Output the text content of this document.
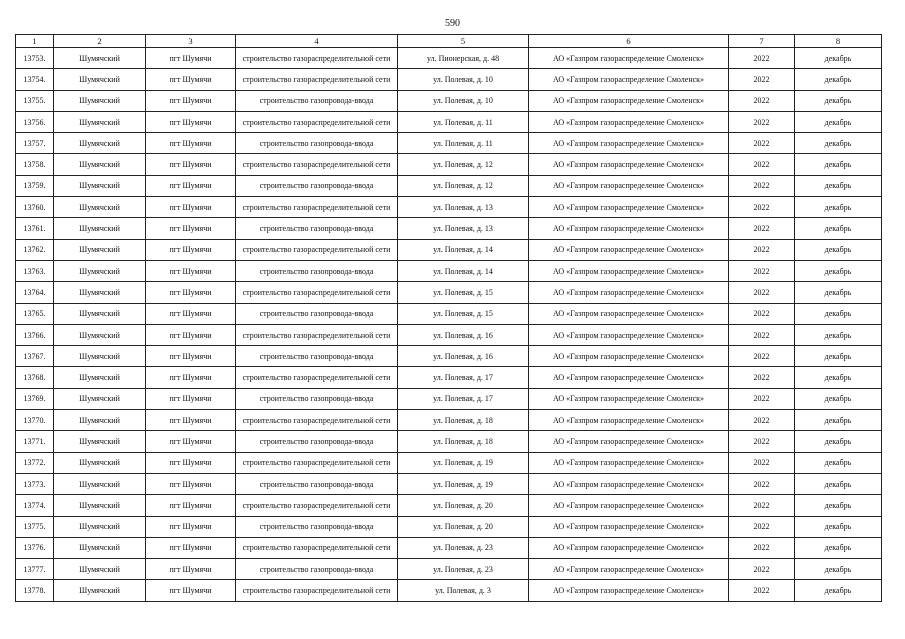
590
1	2	3	4	5	6	7	8
13753.	Шумячский	пгт Шумячи	строительство газораспределительной сети	ул. Пионерская, д. 48	АО «Газпром газораспределение Смоленск»	2022	декабрь
13754.	Шумячский	пгт Шумячи	строительство газораспределительной сети	ул. Полевая, д. 10	АО «Газпром газораспределение Смоленск»	2022	декабрь
13755.	Шумячский	пгт Шумячи	строительство газопровода-ввода	ул. Полевая, д. 10	АО «Газпром газораспределение Смоленск»	2022	декабрь
13756.	Шумячский	пгт Шумячи	строительство газораспределительной сети	ул. Полевая, д. 11	АО «Газпром газораспределение Смоленск»	2022	декабрь
13757.	Шумячский	пгт Шумячи	строительство газопровода-ввода	ул. Полевая, д. 11	АО «Газпром газораспределение Смоленск»	2022	декабрь
13758.	Шумячский	пгт Шумячи	строительство газораспределительной сети	ул. Полевая, д. 12	АО «Газпром газораспределение Смоленск»	2022	декабрь
13759.	Шумячский	пгт Шумячи	строительство газопровода-ввода	ул. Полевая, д. 12	АО «Газпром газораспределение Смоленск»	2022	декабрь
13760.	Шумячский	пгт Шумячи	строительство газораспределительной сети	ул. Полевая, д. 13	АО «Газпром газораспределение Смоленск»	2022	декабрь
13761.	Шумячский	пгт Шумячи	строительство газопровода-ввода	ул. Полевая, д. 13	АО «Газпром газораспределение Смоленск»	2022	декабрь
13762.	Шумячский	пгт Шумячи	строительство газораспределительной сети	ул. Полевая, д. 14	АО «Газпром газораспределение Смоленск»	2022	декабрь
13763.	Шумячский	пгт Шумячи	строительство газопровода-ввода	ул. Полевая, д. 14	АО «Газпром газораспределение Смоленск»	2022	декабрь
13764.	Шумячский	пгт Шумячи	строительство газораспределительной сети	ул. Полевая, д. 15	АО «Газпром газораспределение Смоленск»	2022	декабрь
13765.	Шумячский	пгт Шумячи	строительство газопровода-ввода	ул. Полевая, д. 15	АО «Газпром газораспределение Смоленск»	2022	декабрь
13766.	Шумячский	пгт Шумячи	строительство газораспределительной сети	ул. Полевая, д. 16	АО «Газпром газораспределение Смоленск»	2022	декабрь
13767.	Шумячский	пгт Шумячи	строительство газопровода-ввода	ул. Полевая, д. 16	АО «Газпром газораспределение Смоленск»	2022	декабрь
13768.	Шумячский	пгт Шумячи	строительство газораспределительной сети	ул. Полевая, д. 17	АО «Газпром газораспределение Смоленск»	2022	декабрь
13769.	Шумячский	пгт Шумячи	строительство газопровода-ввода	ул. Полевая, д. 17	АО «Газпром газораспределение Смоленск»	2022	декабрь
13770.	Шумячский	пгт Шумячи	строительство газораспределительной сети	ул. Полевая, д. 18	АО «Газпром газораспределение Смоленск»	2022	декабрь
13771.	Шумячский	пгт Шумячи	строительство газопровода-ввода	ул. Полевая, д. 18	АО «Газпром газораспределение Смоленск»	2022	декабрь
13772.	Шумячский	пгт Шумячи	строительство газораспределительной сети	ул. Полевая, д. 19	АО «Газпром газораспределение Смоленск»	2022	декабрь
13773.	Шумячский	пгт Шумячи	строительство газопровода-ввода	ул. Полевая, д. 19	АО «Газпром газораспределение Смоленск»	2022	декабрь
13774.	Шумячский	пгт Шумячи	строительство газораспределительной сети	ул. Полевая, д. 20	АО «Газпром газораспределение Смоленск»	2022	декабрь
13775.	Шумячский	пгт Шумячи	строительство газопровода-ввода	ул. Полевая, д. 20	АО «Газпром газораспределение Смоленск»	2022	декабрь
13776.	Шумячский	пгт Шумячи	строительство газораспределительной сети	ул. Полевая, д. 23	АО «Газпром газораспределение Смоленск»	2022	декабрь
13777.	Шумячский	пгт Шумячи	строительство газопровода-ввода	ул. Полевая, д. 23	АО «Газпром газораспределение Смоленск»	2022	декабрь
13778.	Шумячский	пгт Шумячи	строительство газораспределительной сети	ул. Полевая, д. 3	АО «Газпром газораспределение Смоленск»	2022	декабрь
